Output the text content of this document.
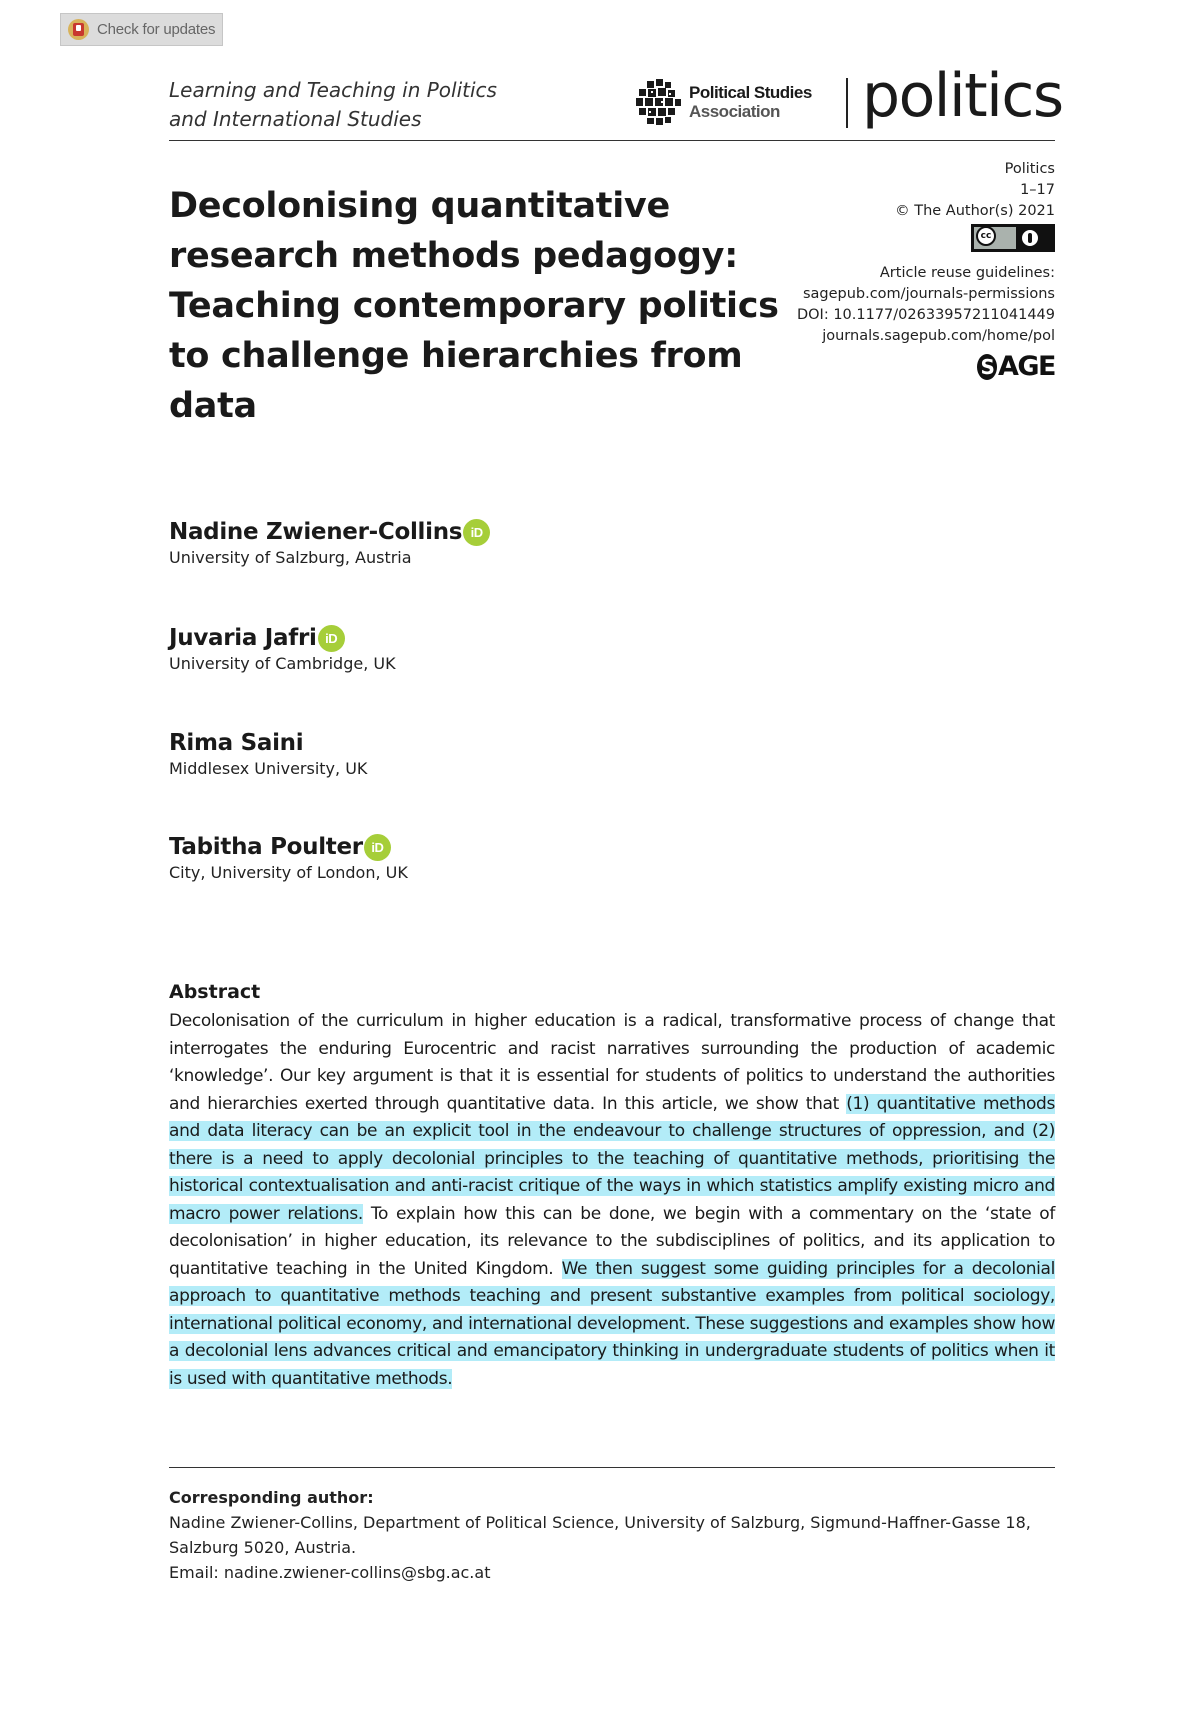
Check for updates
Learning and Teaching in Politics
and International Studies
Political Studies
Association	politics
Decolonising quantitative research methods pedagogy: Teaching contemporary politics to challenge hierarchies from data
Politics
1–17
© The Author(s) 2021
cc
Article reuse guidelines:
sagepub.com/journals-permissions
DOI: 10.1177/02633957211041449
journals.sagepub.com/home/pol
S AGE
Nadine Zwiener-Collins iD
University of Salzburg, Austria
Juvaria Jafri iD
University of Cambridge, UK
Rima Saini
Middlesex University, UK
Tabitha Poulter iD
City, University of London, UK
Abstract

Decolonisation of the curriculum in higher education is a radical, transformative process of change that interrogates the enduring Eurocentric and racist narratives surrounding the production of academic ‘knowledge’. Our key argument is that it is essential for students of politics to understand the authorities and hierarchies exerted through quantitative data. In this article, we show that (1) quantitative methods and data literacy can be an explicit tool in the endeavour to challenge structures of oppression, and (2) there is a need to apply decolonial principles to the teaching of quantitative methods, prioritising the historical contextualisation and anti-racist critique of the ways in which statistics amplify existing micro and macro power relations. To explain how this can be done, we begin with a commentary on the ‘state of decolonisation’ in higher education, its relevance to the subdisciplines of politics, and its application to quantitative teaching in the United Kingdom. We then suggest some guiding principles for a decolonial approach to quantitative methods teaching and present substantive examples from political sociology, international political economy, and international development. These suggestions and examples show how a decolonial lens advances critical and emancipatory thinking in undergraduate students of politics when it is used with quantitative methods.

Corresponding author:
Nadine Zwiener-Collins, Department of Political Science, University of Salzburg, Sigmund-Haffner-Gasse 18, Salzburg 5020, Austria.
Email: nadine.zwiener-collins@sbg.ac.at
